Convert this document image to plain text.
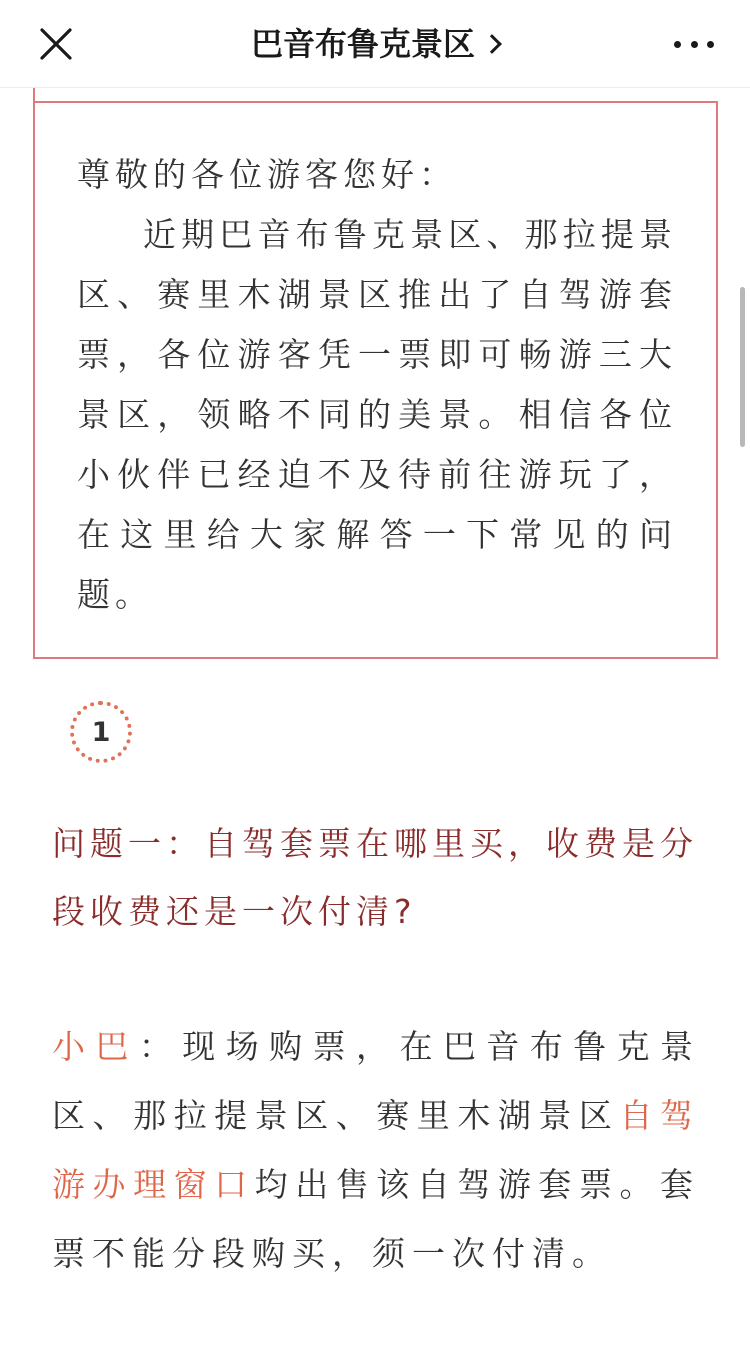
巴音布鲁克景区
尊敬的各位游客您好：
近期巴音布鲁克景区、那拉提景区、赛里木湖景区推出了自驾游套票，各位游客凭一票即可畅游三大景区，领略不同的美景。相信各位小伙伴已经迫不及待前往游玩了，在这里给大家解答一下常见的问题。
1
问题一：自驾套票在哪里买，收费是分段收费还是一次付清?
小巴：现场购票，在巴音布鲁克景区、那拉提景区、赛里木湖景区自驾游办理窗口均出售该自驾游套票。套票不能分段购买，须一次付清。
